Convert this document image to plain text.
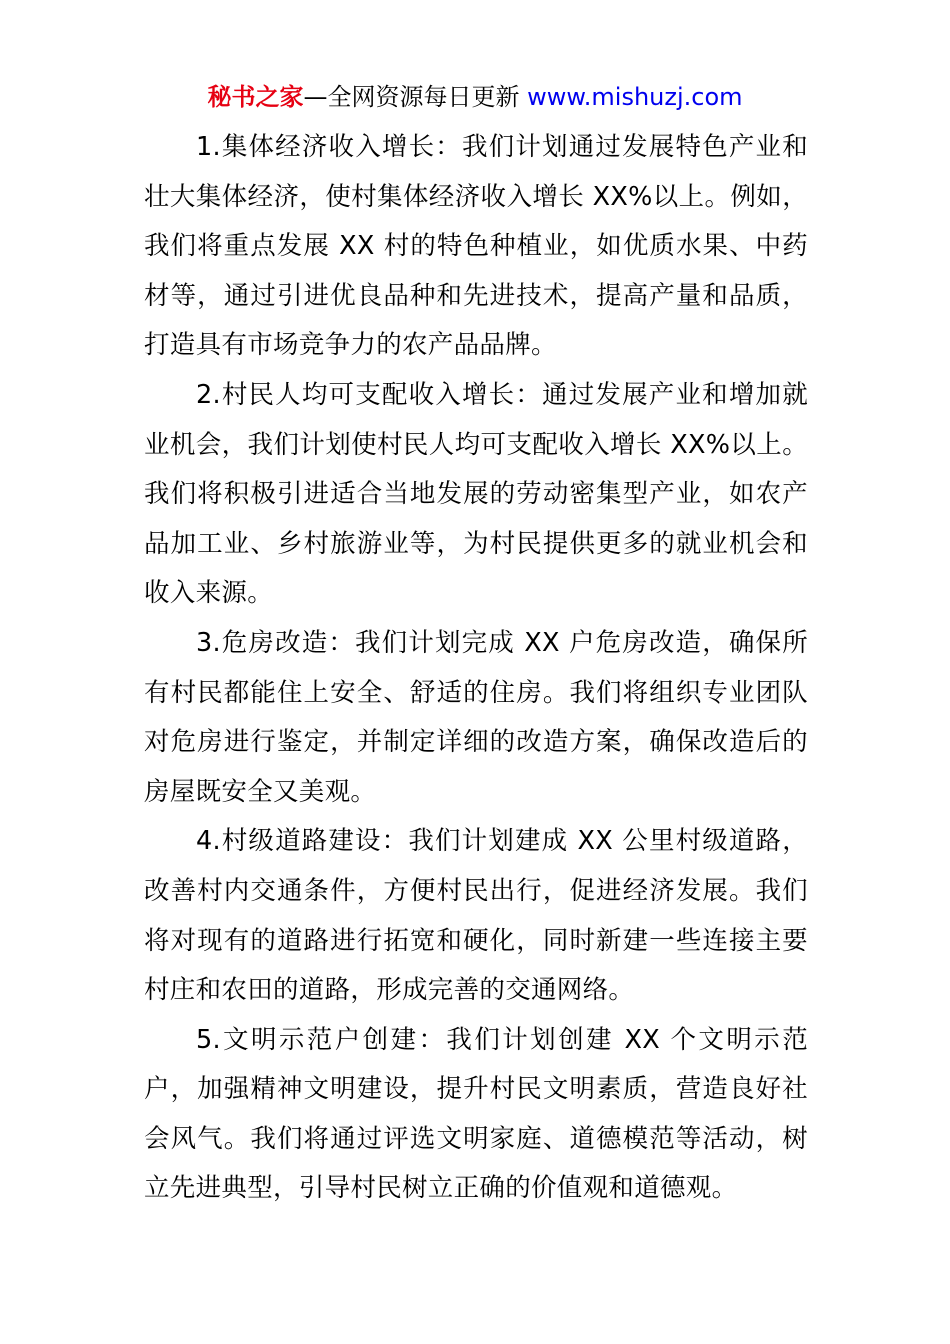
秘书之家—全网资源每日更新 www.mishuzj.com

1.集体经济收入增长：我们计划通过发展特色产业和壮大集体经济，使村集体经济收入增长 XX%以上。例如，我们将重点发展 XX 村的特色种植业，如优质水果、中药材等，通过引进优良品种和先进技术，提高产量和品质，打造具有市场竞争力的农产品品牌。

2.村民人均可支配收入增长：通过发展产业和增加就业机会，我们计划使村民人均可支配收入增长 XX%以上。我们将积极引进适合当地发展的劳动密集型产业，如农产品加工业、乡村旅游业等，为村民提供更多的就业机会和收入来源。

3.危房改造：我们计划完成 XX 户危房改造，确保所有村民都能住上安全、舒适的住房。我们将组织专业团队对危房进行鉴定，并制定详细的改造方案，确保改造后的房屋既安全又美观。

4.村级道路建设：我们计划建成 XX 公里村级道路，改善村内交通条件，方便村民出行，促进经济发展。我们将对现有的道路进行拓宽和硬化，同时新建一些连接主要村庄和农田的道路，形成完善的交通网络。

5.文明示范户创建：我们计划创建 XX 个文明示范户，加强精神文明建设，提升村民文明素质，营造良好社会风气。我们将通过评选文明家庭、道德模范等活动，树立先进典型，引导村民树立正确的价值观和道德观。
